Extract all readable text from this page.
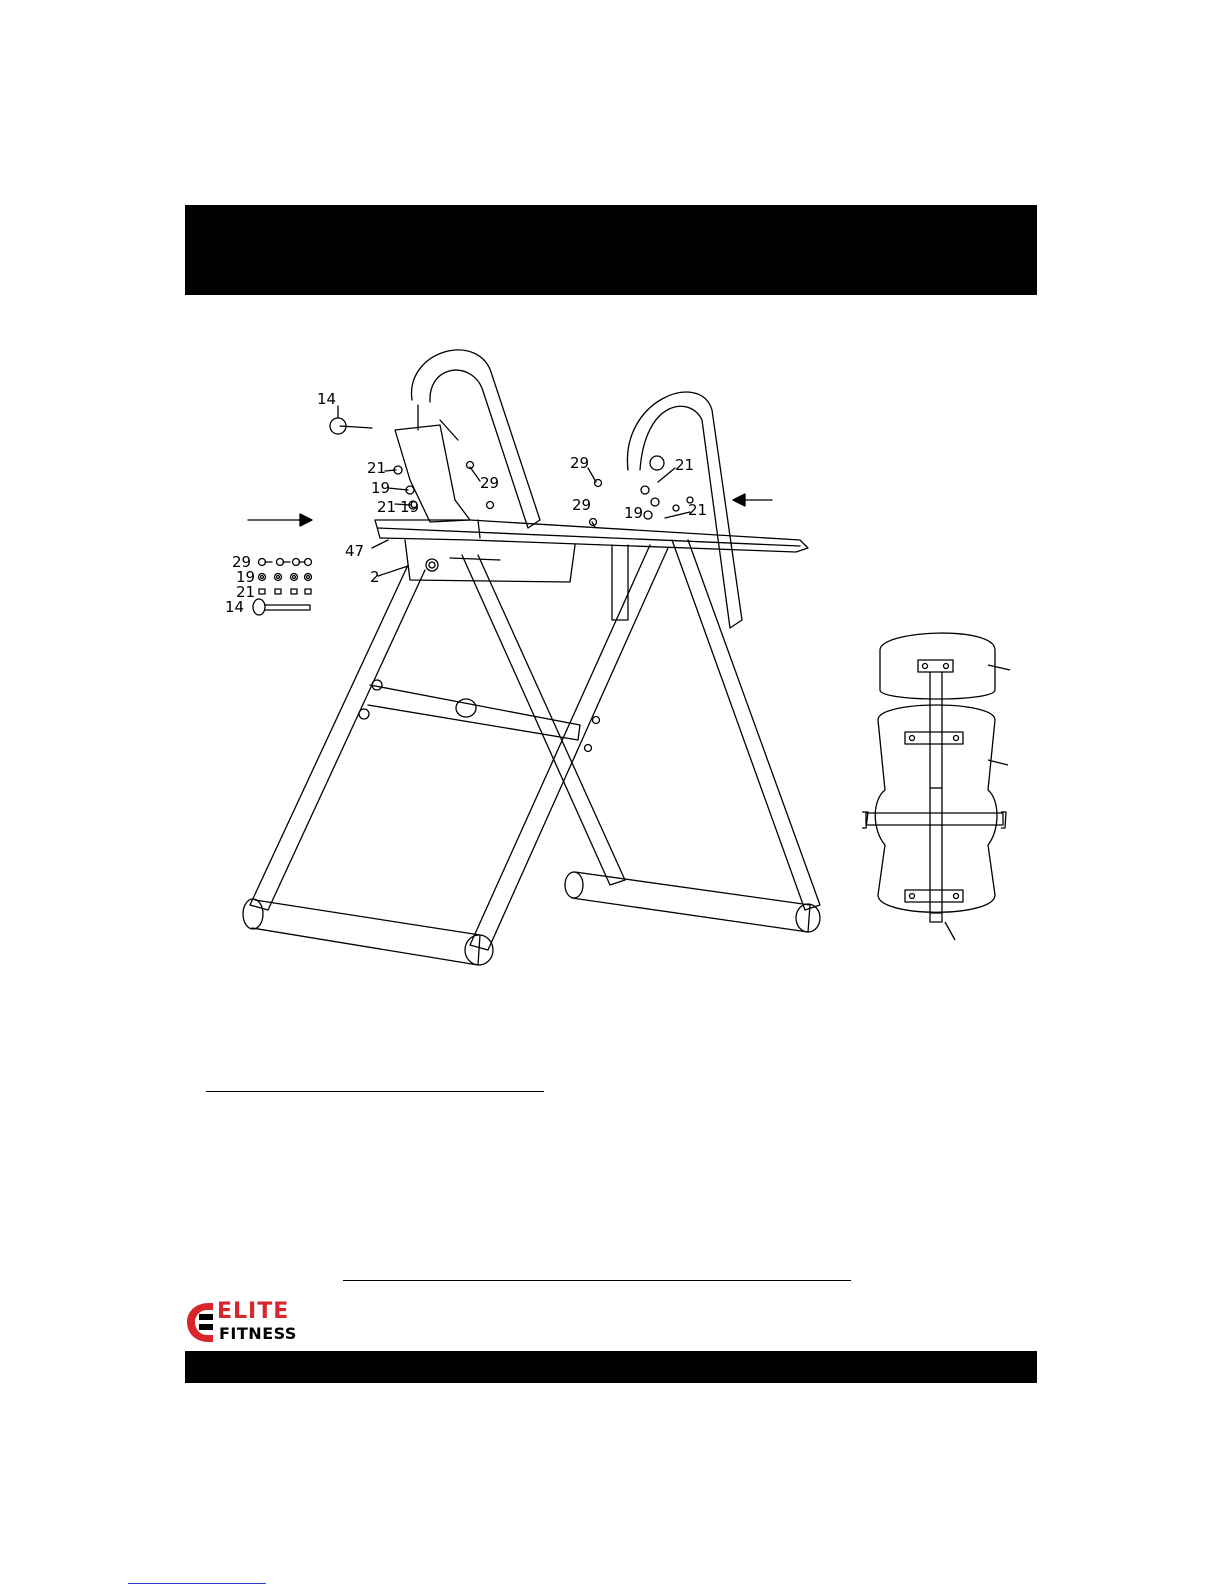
14
21
19
21 19
29
29	21
29 19	21
47
2
29
19
21
14
ELITE
FITNESS
